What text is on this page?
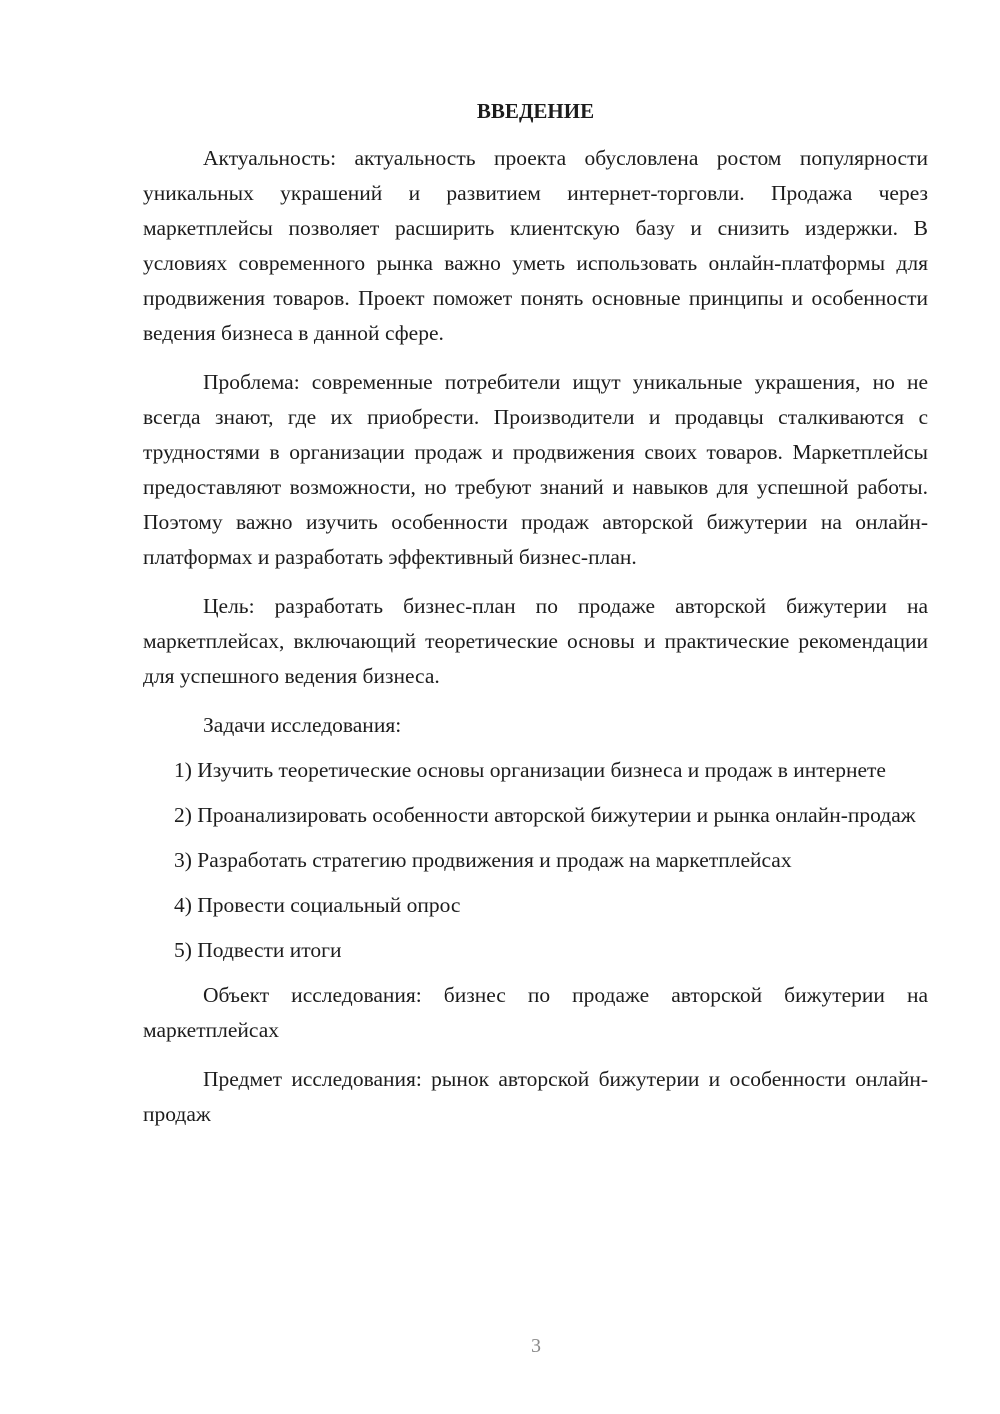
ВВЕДЕНИЕ

Актуальность: актуальность проекта обусловлена ростом популярности уникальных украшений и развитием интернет-торговли. Продажа через маркетплейсы позволяет расширить клиентскую базу и снизить издержки. В условиях современного рынка важно уметь использовать онлайн-платформы для продвижения товаров. Проект поможет понять основные принципы и особенности ведения бизнеса в данной сфере.

Проблема: современные потребители ищут уникальные украшения, но не всегда знают, где их приобрести. Производители и продавцы сталкиваются с трудностями в организации продаж и продвижения своих товаров. Маркетплейсы предоставляют возможности, но требуют знаний и навыков для успешной работы. Поэтому важно изучить особенности продаж авторской бижутерии на онлайн-платформах и разработать эффективный бизнес-план.

Цель: разработать бизнес-план по продаже авторской бижутерии на маркетплейсах, включающий теоретические основы и практические рекомендации для успешного ведения бизнеса.

Задачи исследования:

1) Изучить теоретические основы организации бизнеса и продаж в интернете

2) Проанализировать особенности авторской бижутерии и рынка онлайн-продаж

3) Разработать стратегию продвижения и продаж на маркетплейсах

4) Провести социальный опрос

5) Подвести итоги

Объект исследования: бизнес по продаже авторской бижутерии на маркетплейсах

Предмет исследования: рынок авторской бижутерии и особенности онлайн-продаж

3
